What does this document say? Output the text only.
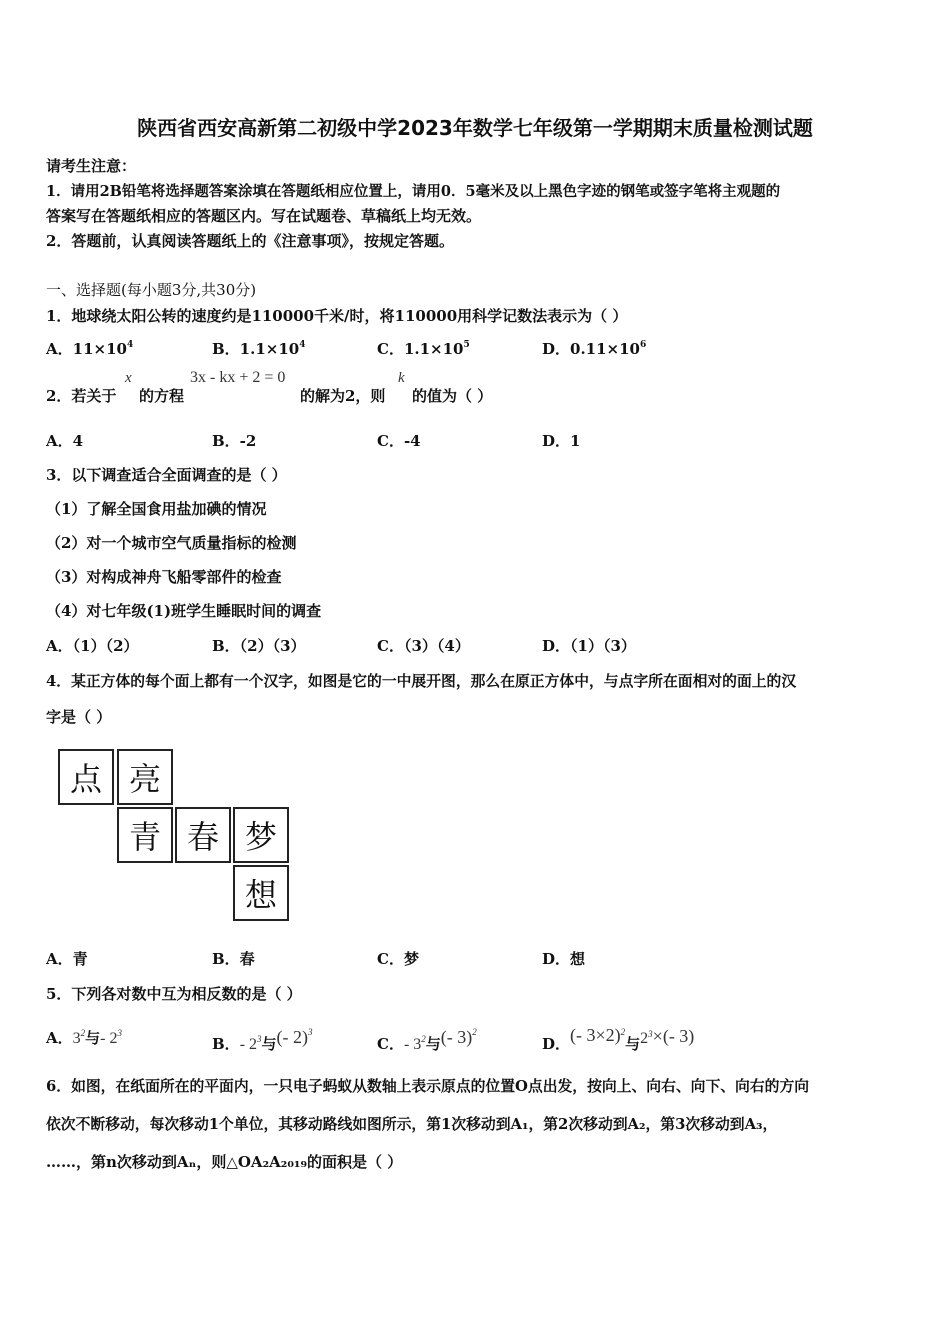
陕西省西安高新第二初级中学2023年数学七年级第一学期期末质量检测试题
请考生注意：
1．请用2B铅笔将选择题答案涂填在答题纸相应位置上，请用0．5毫米及以上黑色字迹的钢笔或签字笔将主观题的
答案写在答题纸相应的答题区内。写在试题卷、草稿纸上均无效。
2．答题前，认真阅读答题纸上的《注意事项》，按规定答题。
一、选择题(每小题3分,共30分)
1．地球绕太阳公转的速度约是110000千米/时，将110000用科学记数法表示为（ ）
A．$11\times 10^4$	B．$1.1\times 10^4$	C．$1.1\times 10^5$	D．$0.11\times 10^6$
2．若关于
x
的方程
3x - kx + 2 = 0
的解为2，则
k
的值为（ ）
A．4	B．-2	C．-4	D．1
3．以下调查适合全面调查的是（ ）
（1）了解全国食用盐加碘的情况
（2）对一个城市空气质量指标的检测
（3）对构成神舟飞船零部件的检查
（4）对七年级(1)班学生睡眠时间的调查
A．（1）（2）	B．（2）（3）	C．（3）（4）	D．（1）（3）
4．某正方体的每个面上都有一个汉字，如图是它的一中展开图，那么在原正方体中，与点字所在面相对的面上的汉
字是（ ）
点 亮
青 春 梦
想
A．青	B．春	C．梦	D．想
5．下列各对数中互为相反数的是（ ）
A．$3^2$与- $2^3$
B．- $2^3$与(- 2)$^3$
C．- $3^2$与(- 3)$^2$
D．(- 3×2)$^2$与$2^3\times(-$ 3)
6．如图，在纸面所在的平面内，一只电子蚂蚁从数轴上表示原点的位置O点出发，按向上、向右、向下、向右的方向
依次不断移动，每次移动1个单位，其移动路线如图所示，第1次移动到A₁，第2次移动到A₂，第3次移动到A₃，
……，第n次移动到Aₙ，则△OA₂A₂₀₁₉的面积是（ ）
